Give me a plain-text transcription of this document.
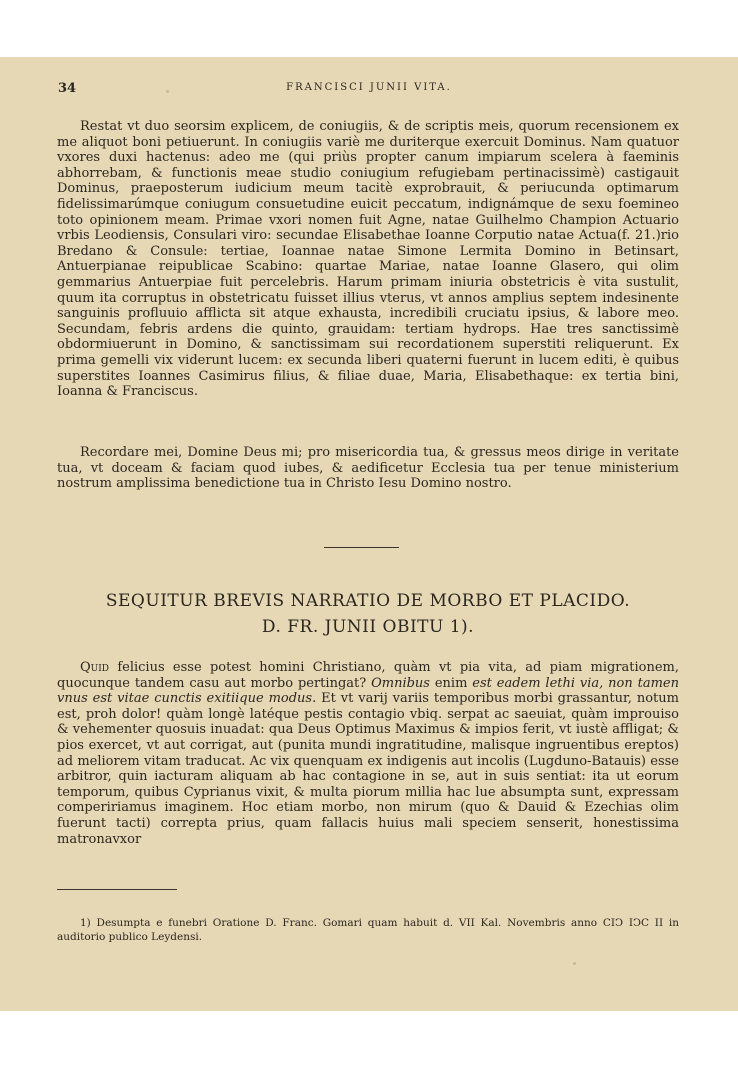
34	FRANCISCI JUNII VITA.
Restat vt duo seorsim explicem, de coniugiis, & de scriptis meis, quorum recensionem ex me aliquot boni petiuerunt. In coniugiis variè me duriterque exercuit Dominus. Nam quatuor vxores duxi hactenus: adeo me (qui priùs propter canum impiarum scelera à faeminis abhorrebam, & functionis meae studio coniugium refugiebam pertinacissimè) castigauit Dominus, praeposterum iudicium meum tacitè exprobrauit, & periucunda optimarum fidelissimarúmque coniugum consuetudine euicit peccatum, indignámque de sexu foemineo toto opinionem meam. Primae vxori nomen fuit Agne, natae Guilhelmo Champion Actuario vrbis Leodiensis, Consulari viro: secundae Elisabethae Ioanne Corputio natae Actua(f. 21.)rio Bredano & Consule: tertiae, Ioannae natae Simone Lermita Domino in Betinsart, Antuerpianae reipublicae Scabino: quartae Mariae, natae Ioanne Glasero, qui olim gemmarius Antuerpiae fuit percelebris. Harum primam iniuria obstetricis è vita sustulit, quum ita corruptus in obstetricatu fuisset illius vterus, vt annos amplius septem indesinente sanguinis profluuio afflicta sit atque exhausta, incredibili cruciatu ipsius, & labore meo. Secundam, febris ardens die quinto, grauidam: tertiam hydrops. Hae tres sanctissimè obdormiuerunt in Domino, & sanctissimam sui recordationem superstiti reliquerunt. Ex prima gemelli vix viderunt lucem: ex secunda liberi quaterni fuerunt in lucem editi, è quibus superstites Ioannes Casimirus filius, & filiae duae, Maria, Elisabethaque: ex tertia bini, Ioanna & Franciscus.
Recordare mei, Domine Deus mi; pro misericordia tua, & gressus meos dirige in veritate tua, vt doceam & faciam quod iubes, & aedificetur Ecclesia tua per tenue ministerium nostrum amplissima benedictione tua in Christo Iesu Domino nostro.
SEQUITUR BREVIS NARRATIO DE MORBO ET PLACIDO.
D. FR. JUNII OBITU 1).
Quid felicius esse potest homini Christiano, quàm vt pia vita, ad piam migrationem, quocunque tandem casu aut morbo pertingat? Omnibus enim est eadem lethi via, non tamen vnus est vitae cunctis exitiique modus. Et vt varij variis temporibus morbi grassantur, notum est, proh dolor! quàm longè latéque pestis contagio vbiq. serpat ac saeuiat, quàm improuiso & vehementer quosuis inuadat: qua Deus Optimus Maximus & impios ferit, vt iustè affligat; & pios exercet, vt aut corrigat, aut (punita mundi ingratitudine, malisque ingruentibus ereptos) ad meliorem vitam traducat. Ac vix quenquam ex indigenis aut incolis (Lugduno-Batauis) esse arbitror, quin iacturam aliquam ab hac contagione in se, aut in suis sentiat: ita ut eorum temporum, quibus Cyprianus vixit, & multa piorum millia hac lue absumpta sunt, expressam compeririamus imaginem. Hoc etiam morbo, non mirum (quo & Dauid & Ezechias olim fuerunt tacti) correpta prius, quam fallacis huius mali speciem senserit, honestissima matronavxor
1) Desumpta e funebri Oratione D. Franc. Gomari quam habuit d. VII Kal. Novembris anno CIↃ IↃC II in auditorio publico Leydensi.
